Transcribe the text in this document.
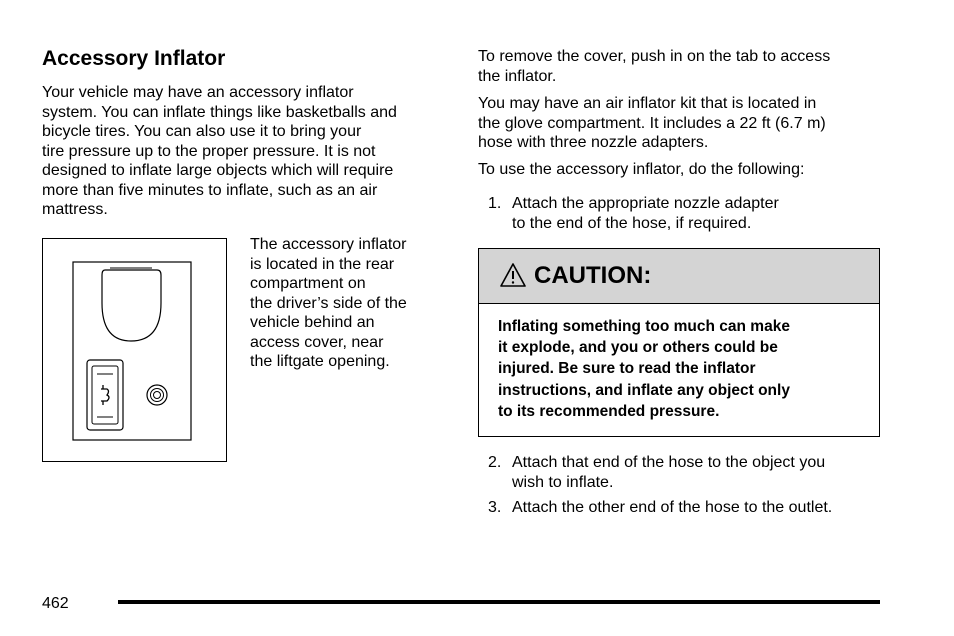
Accessory Inflator

Your vehicle may have an accessory inflator
system. You can inflate things like basketballs and
bicycle tires. You can also use it to bring your
tire pressure up to the proper pressure. It is not
designed to inflate large objects which will require
more than five minutes to inflate, such as an air
mattress.

The accessory inflator
is located in the rear
compartment on
the driver’s side of the
vehicle behind an
access cover, near
the liftgate opening.

To remove the cover, push in on the tab to access
the inflator.

You may have an air inflator kit that is located in
the glove compartment. It includes a 22 ft (6.7 m)
hose with three nozzle adapters.

To use the accessory inflator, do the following:

1. Attach the appropriate nozzle adapter
to the end of the hose, if required.
CAUTION:
Inflating something too much can make
it explode, and you or others could be
injured. Be sure to read the inflator
instructions, and inflate any object only
to its recommended pressure.
2. Attach that end of the hose to the object you
wish to inflate.
3. Attach the other end of the hose to the outlet.
462
